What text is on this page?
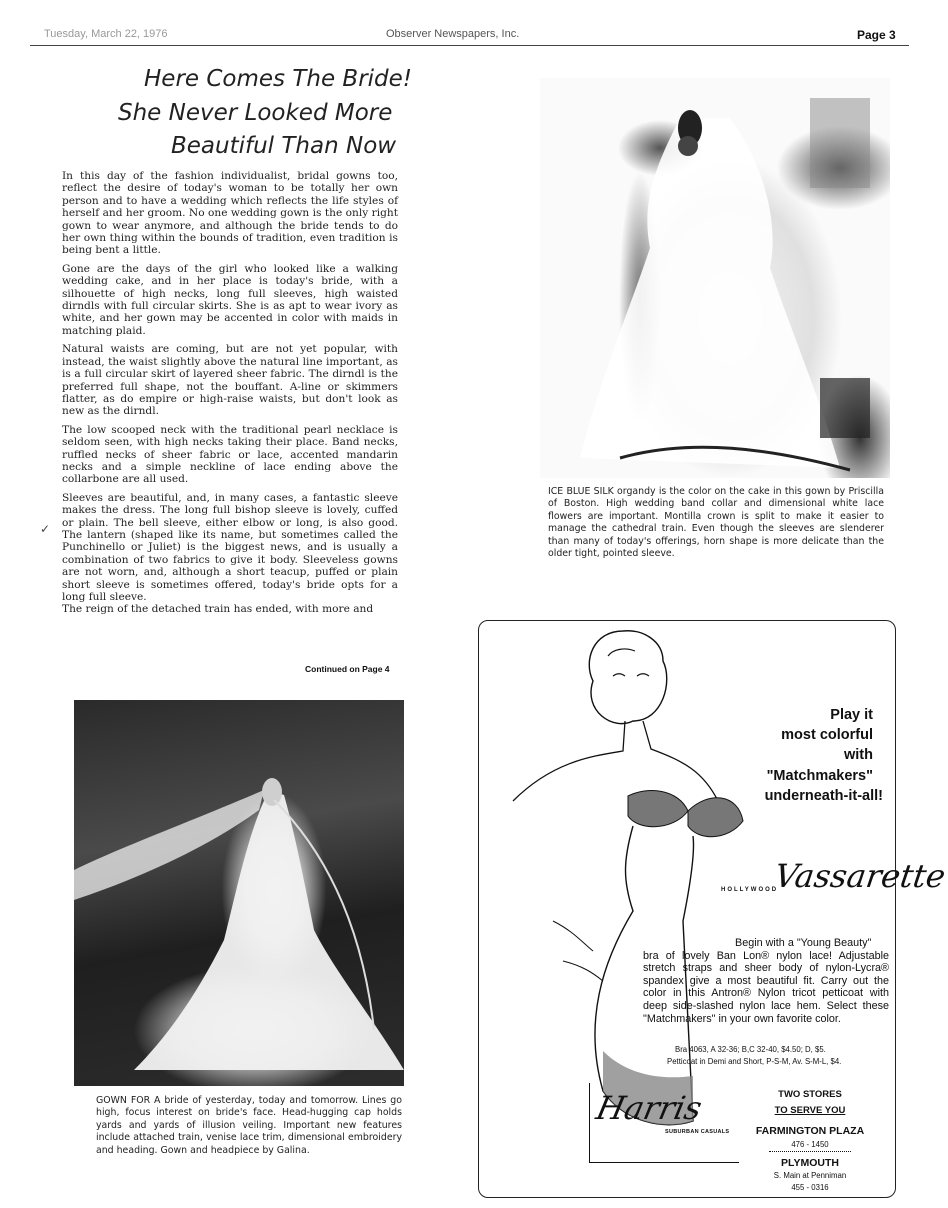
Tuesday, March 22, 1976	Observer Newspapers, Inc.	Page 3
Here Comes The Bride!
She Never Looked More
Beautiful Than Now

In this day of the fashion individualist, bridal gowns too, reflect the desire of today's woman to be totally her own person and to have a wedding which reflects the life styles of herself and her groom. No one wedding gown is the only right gown to wear anymore, and although the bride tends to do her own thing within the bounds of tradition, even tradition is being bent a little.

Gone are the days of the girl who looked like a walking wedding cake, and in her place is today's bride, with a silhouette of high necks, long full sleeves, high waisted dirndls with full circular skirts. She is as apt to wear ivory as white, and her gown may be accented in color with maids in matching plaid.

Natural waists are coming, but are not yet popular, with instead, the waist slightly above the natural line important, as is a full circular skirt of layered sheer fabric. The dirndl is the preferred full shape, not the bouffant. A-line or skimmers flatter, as do empire or high-raise waists, but don't look as new as the dirndl.

The low scooped neck with the traditional pearl necklace is seldom seen, with high necks taking their place. Band necks, ruffled necks of sheer fabric or lace, accented mandarin necks and a simple neckline of lace ending above the collarbone are all used.

Sleeves are beautiful, and, in many cases, a fantastic sleeve makes the dress. The long full bishop sleeve is lovely, cuffed or plain. The bell sleeve, either elbow or long, is also good. The lantern (shaped like its name, but sometimes called the Punchinello or Juliet) is the biggest news, and is usually a combination of two fabrics to give it body. Sleeveless gowns are not worn, and, although a short teacup, puffed or plain short sleeve is sometimes offered, today's bride opts for a long full sleeve.

The reign of the detached train has ended, with more and

✓
Continued on Page 4
ICE BLUE SILK organdy is the color on the cake in this gown by Priscilla of Boston. High wedding band collar and dimensional white lace flowers are important. Montilla crown is split to make it easier to manage the cathedral train. Even though the sleeves are slenderer than many of today's offerings, horn shape is more delicate than the older tight, pointed sleeve.
GOWN FOR A bride of yesterday, today and tomorrow. Lines go high, focus interest on bride's face. Head-hugging cap holds yards and yards of illusion veiling. Important new features include attached train, venise lace trim, dimensional embroidery and heading. Gown and headpiece by Galina.
Play it
most colorful
with
"Matchmakers"
underneath-it-all!
HOLLYWOOD
Vassarette
Begin with a "Young Beauty"
bra of lovely Ban Lon® nylon lace! Adjustable stretch straps and sheer body of nylon-Lycra® spandex give a most beautiful fit. Carry out the color in this Antron® Nylon tricot petticoat with deep side-slashed nylon lace hem. Select these "Matchmakers" in your own favorite color.
Bra 4063, A 32-36; B,C 32-40, $4.50; D, $5.
Petticoat in Demi and Short, P-S-M, Av. S-M-L, $4.
Harris
SUBURBAN CASUALS
TWO STORES
TO SERVE YOU
FARMINGTON PLAZA
476 - 1450
PLYMOUTH
S. Main at Penniman
455 - 0316
